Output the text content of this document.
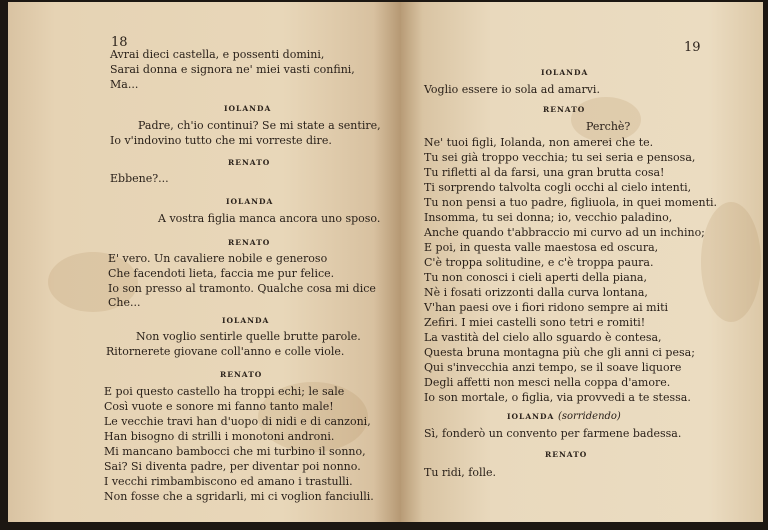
18
Avrai dieci castella, e possenti domini,
Sarai donna e signora ne' miei vasti confini,
Ma...
IOLANDA
Padre, ch'io continui? Se mi state a sentire,
Io v'indovino tutto che mi vorreste dire.
RENATO
Ebbene?...
IOLANDA
A vostra figlia manca ancora uno sposo.
RENATO
E' vero. Un cavaliere nobile e generoso
Che facendoti lieta, faccia me pur felice.
Io son presso al tramonto. Qualche cosa mi dice
Che...
IOLANDA
Non voglio sentirle quelle brutte parole.
Ritornerete giovane coll'anno e colle viole.
RENATO
E poi questo castello ha troppi echi; le sale
Così vuote e sonore mi fanno tanto male!
Le vecchie travi han d'uopo di nidi e di canzoni,
Han bisogno di strilli i monotoni androni.
Mi mancano bambocci che mi turbino il sonno,
Sai? Si diventa padre, per diventar poi nonno.
I vecchi rimbambiscono ed amano i trastulli.
Non fosse che a sgridarli, mi ci voglion fanciulli.
19
IOLANDA
Voglio essere io sola ad amarvi.
RENATO
Perchè?
Ne' tuoi figli, Iolanda, non amerei che te.
Tu sei già troppo vecchia; tu sei seria e pensosa,
Tu rifletti al da farsi, una gran brutta cosa!
Ti sorprendo talvolta cogli occhi al cielo intenti,
Tu non pensi a tuo padre, figliuola, in quei momenti.
Insomma, tu sei donna; io, vecchio paladino,
Anche quando t'abbraccio mi curvo ad un inchino;
E poi, in questa valle maestosa ed oscura,
C'è troppa solitudine, e c'è troppa paura.
Tu non conosci i cieli aperti della piana,
Nè i fosati orizzonti dalla curva lontana,
V'han paesi ove i fiori ridono sempre ai miti
Zefiri. I miei castelli sono tetri e romiti!
La vastità del cielo allo sguardo è contesa,
Questa bruna montagna più che gli anni ci pesa;
Qui s'invecchia anzi tempo, se il soave liquore
Degli affetti non mesci nella coppa d'amore.
Io son mortale, o figlia, via provvedi a te stessa.
IOLANDA (sorridendo)
Sì, fonderò un convento per farmene badessa.
RENATO
Tu ridi, folle.
